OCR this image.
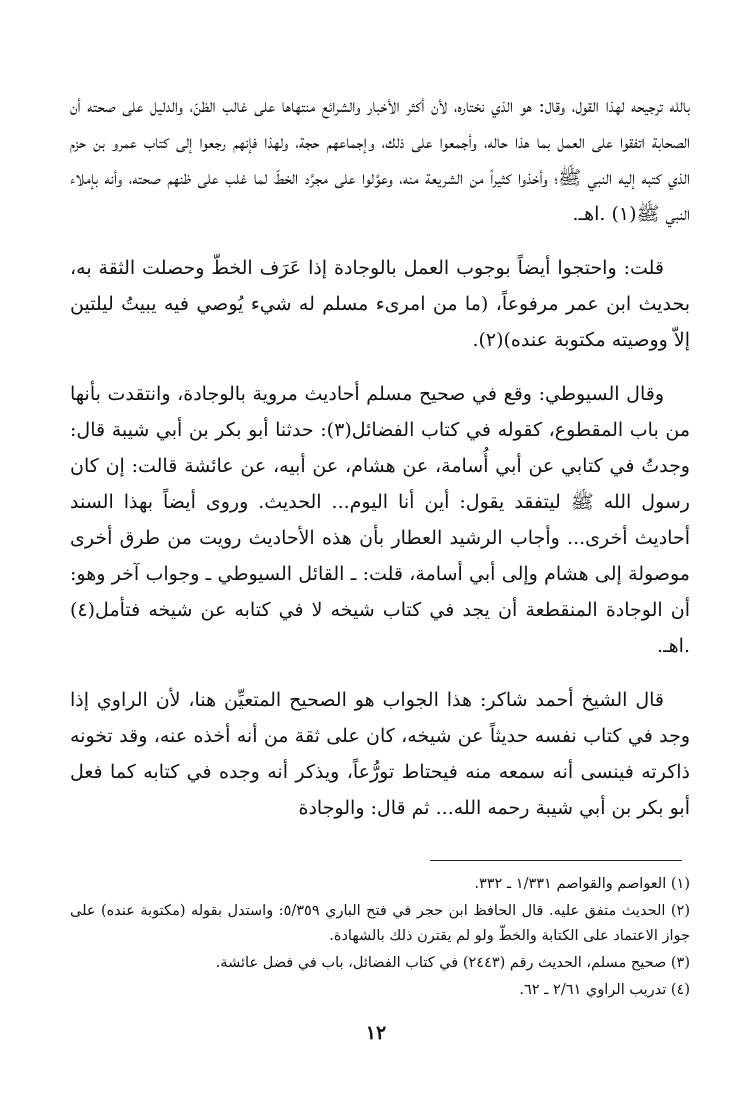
بالله ترجيحه لهذا القول، وقال: هو الذي نختاره، لأن أكثر الأخبار والشرائع منتهاها على غالب الظنّ، والدليل على صحته أن الصحابة اتفقوا على العمل بما هذا حاله، وأجمعوا على ذلك، وإجماعهم حجة، ولهذا فإنهم رجعوا إلى كتاب عمرو بن حزم الذي كتبه إليه النبي ﷺ؛ وأخذوا كثيراً من الشريعة منه، وعوَّلوا على مجرَّد الخطّ لما غلب على ظنهم صحته، وأنه بإملاء النبي ﷺ(١) .اهـ.

قلت: واحتجوا أيضاً بوجوب العمل بالوجادة إذا عَرَف الخطّ وحصلت الثقة به، بحديث ابن عمر مرفوعاً، (ما من امرىء مسلم له شيء يُوصي فيه يبيتُ ليلتين إلاّ ووصيته مكتوبة عنده)(٢).

وقال السيوطي: وقع في صحيح مسلم أحاديث مروية بالوجادة، وانتقدت بأنها من باب المقطوع، كقوله في كتاب الفضائل(٣): حدثنا أبو بكر بن أبي شيبة قال: وجدتُ في كتابي عن أبي أُسامة، عن هشام، عن أبيه، عن عائشة قالت: إن كان رسول الله ﷺ ليتفقد يقول: أين أنا اليوم... الحديث. وروى أيضاً بهذا السند أحاديث أخرى... وأجاب الرشيد العطار بأن هذه الأحاديث رويت من طرق أخرى موصولة إلى هشام وإلى أبي أسامة، قلت: ـ القائل السيوطي ـ وجواب آخر وهو: أن الوجادة المنقطعة أن يجد في كتاب شيخه لا في كتابه عن شيخه فتأمل(٤) .اهـ.

قال الشيخ أحمد شاكر: هذا الجواب هو الصحيح المتعيِّن هنا، لأن الراوي إذا وجد في كتاب نفسه حديثاً عن شيخه، كان على ثقة من أنه أخذه عنه، وقد تخونه ذاكرته فينسى أنه سمعه منه فيحتاط تورُّعاً، ويذكر أنه وجده في كتابه كما فعل أبو بكر بن أبي شيبة رحمه الله... ثم قال: والوجادة

(١) العواصم والقواصم ١/٣٣١ ـ ٣٣٢.

(٢) الحديث متفق عليه. قال الحافظ ابن حجر في فتح الباري ٥/٣٥٩: واستدل بقوله (مكتوبة عنده) على جواز الاعتماد على الكتابة والخطّ ولو لم يقترن ذلك بالشهادة.

(٣) صحيح مسلم، الحديث رقم (٢٤٤٣) في كتاب الفضائل، باب في فضل عائشة.

(٤) تدريب الراوي ٢/٦١ ـ ٦٢.

١٢
